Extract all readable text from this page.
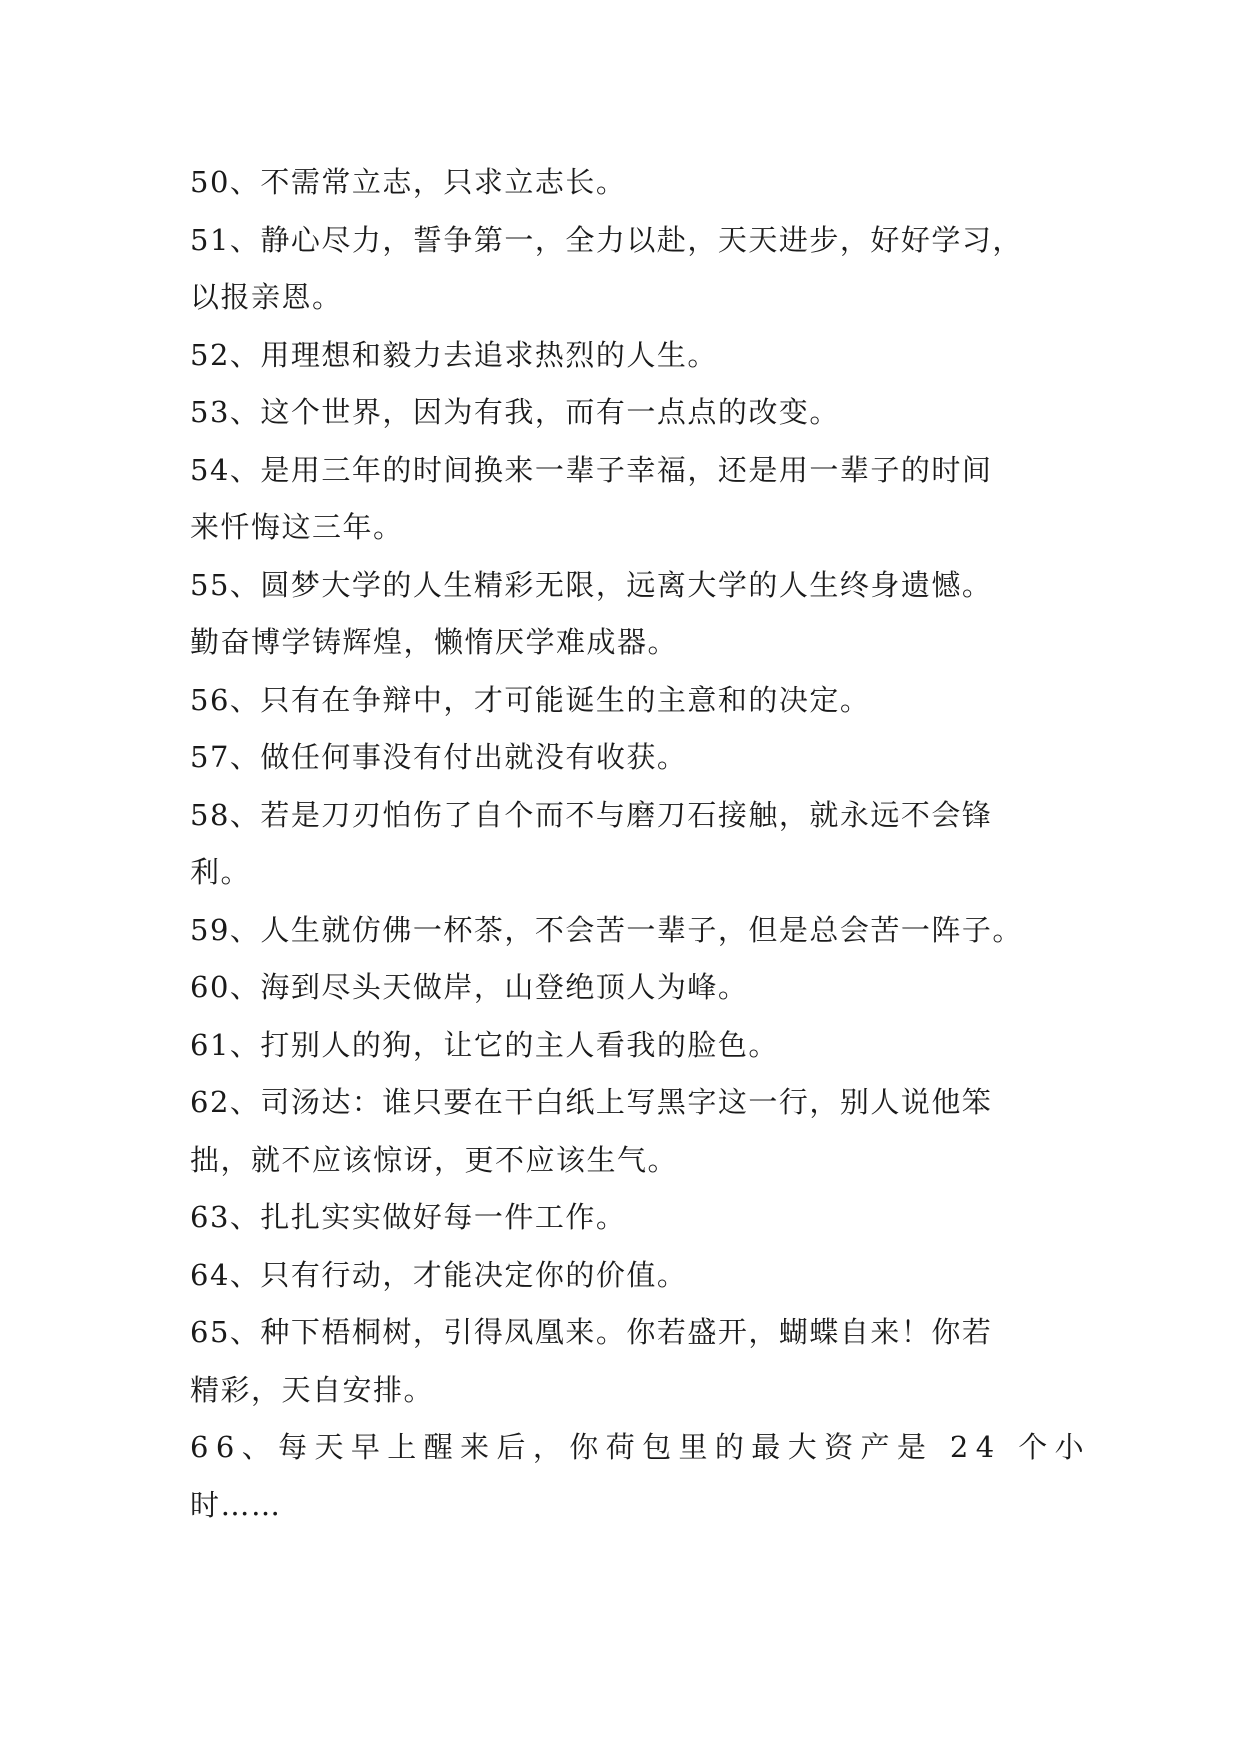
50、不需常立志，只求立志长。
51、静心尽力，誓争第一，全力以赴，天天进步，好好学习，
以报亲恩。
52、用理想和毅力去追求热烈的人生。
53、这个世界，因为有我，而有一点点的改变。
54、是用三年的时间换来一辈子幸福，还是用一辈子的时间
来忏悔这三年。
55、圆梦大学的人生精彩无限，远离大学的人生终身遗憾。
勤奋博学铸辉煌，懒惰厌学难成器。
56、只有在争辩中，才可能诞生的主意和的决定。
57、做任何事没有付出就没有收获。
58、若是刀刃怕伤了自个而不与磨刀石接触，就永远不会锋
利。
59、人生就仿佛一杯茶，不会苦一辈子，但是总会苦一阵子。
60、海到尽头天做岸，山登绝顶人为峰。
61、打别人的狗，让它的主人看我的脸色。
62、司汤达：谁只要在干白纸上写黑字这一行，别人说他笨
拙，就不应该惊讶，更不应该生气。
63、扎扎实实做好每一件工作。
64、只有行动，才能决定你的价值。
65、种下梧桐树，引得凤凰来。你若盛开，蝴蝶自来！你若
精彩，天自安排。
66、每天早上醒来后，你荷包里的最大资产是 24 个小
时……
